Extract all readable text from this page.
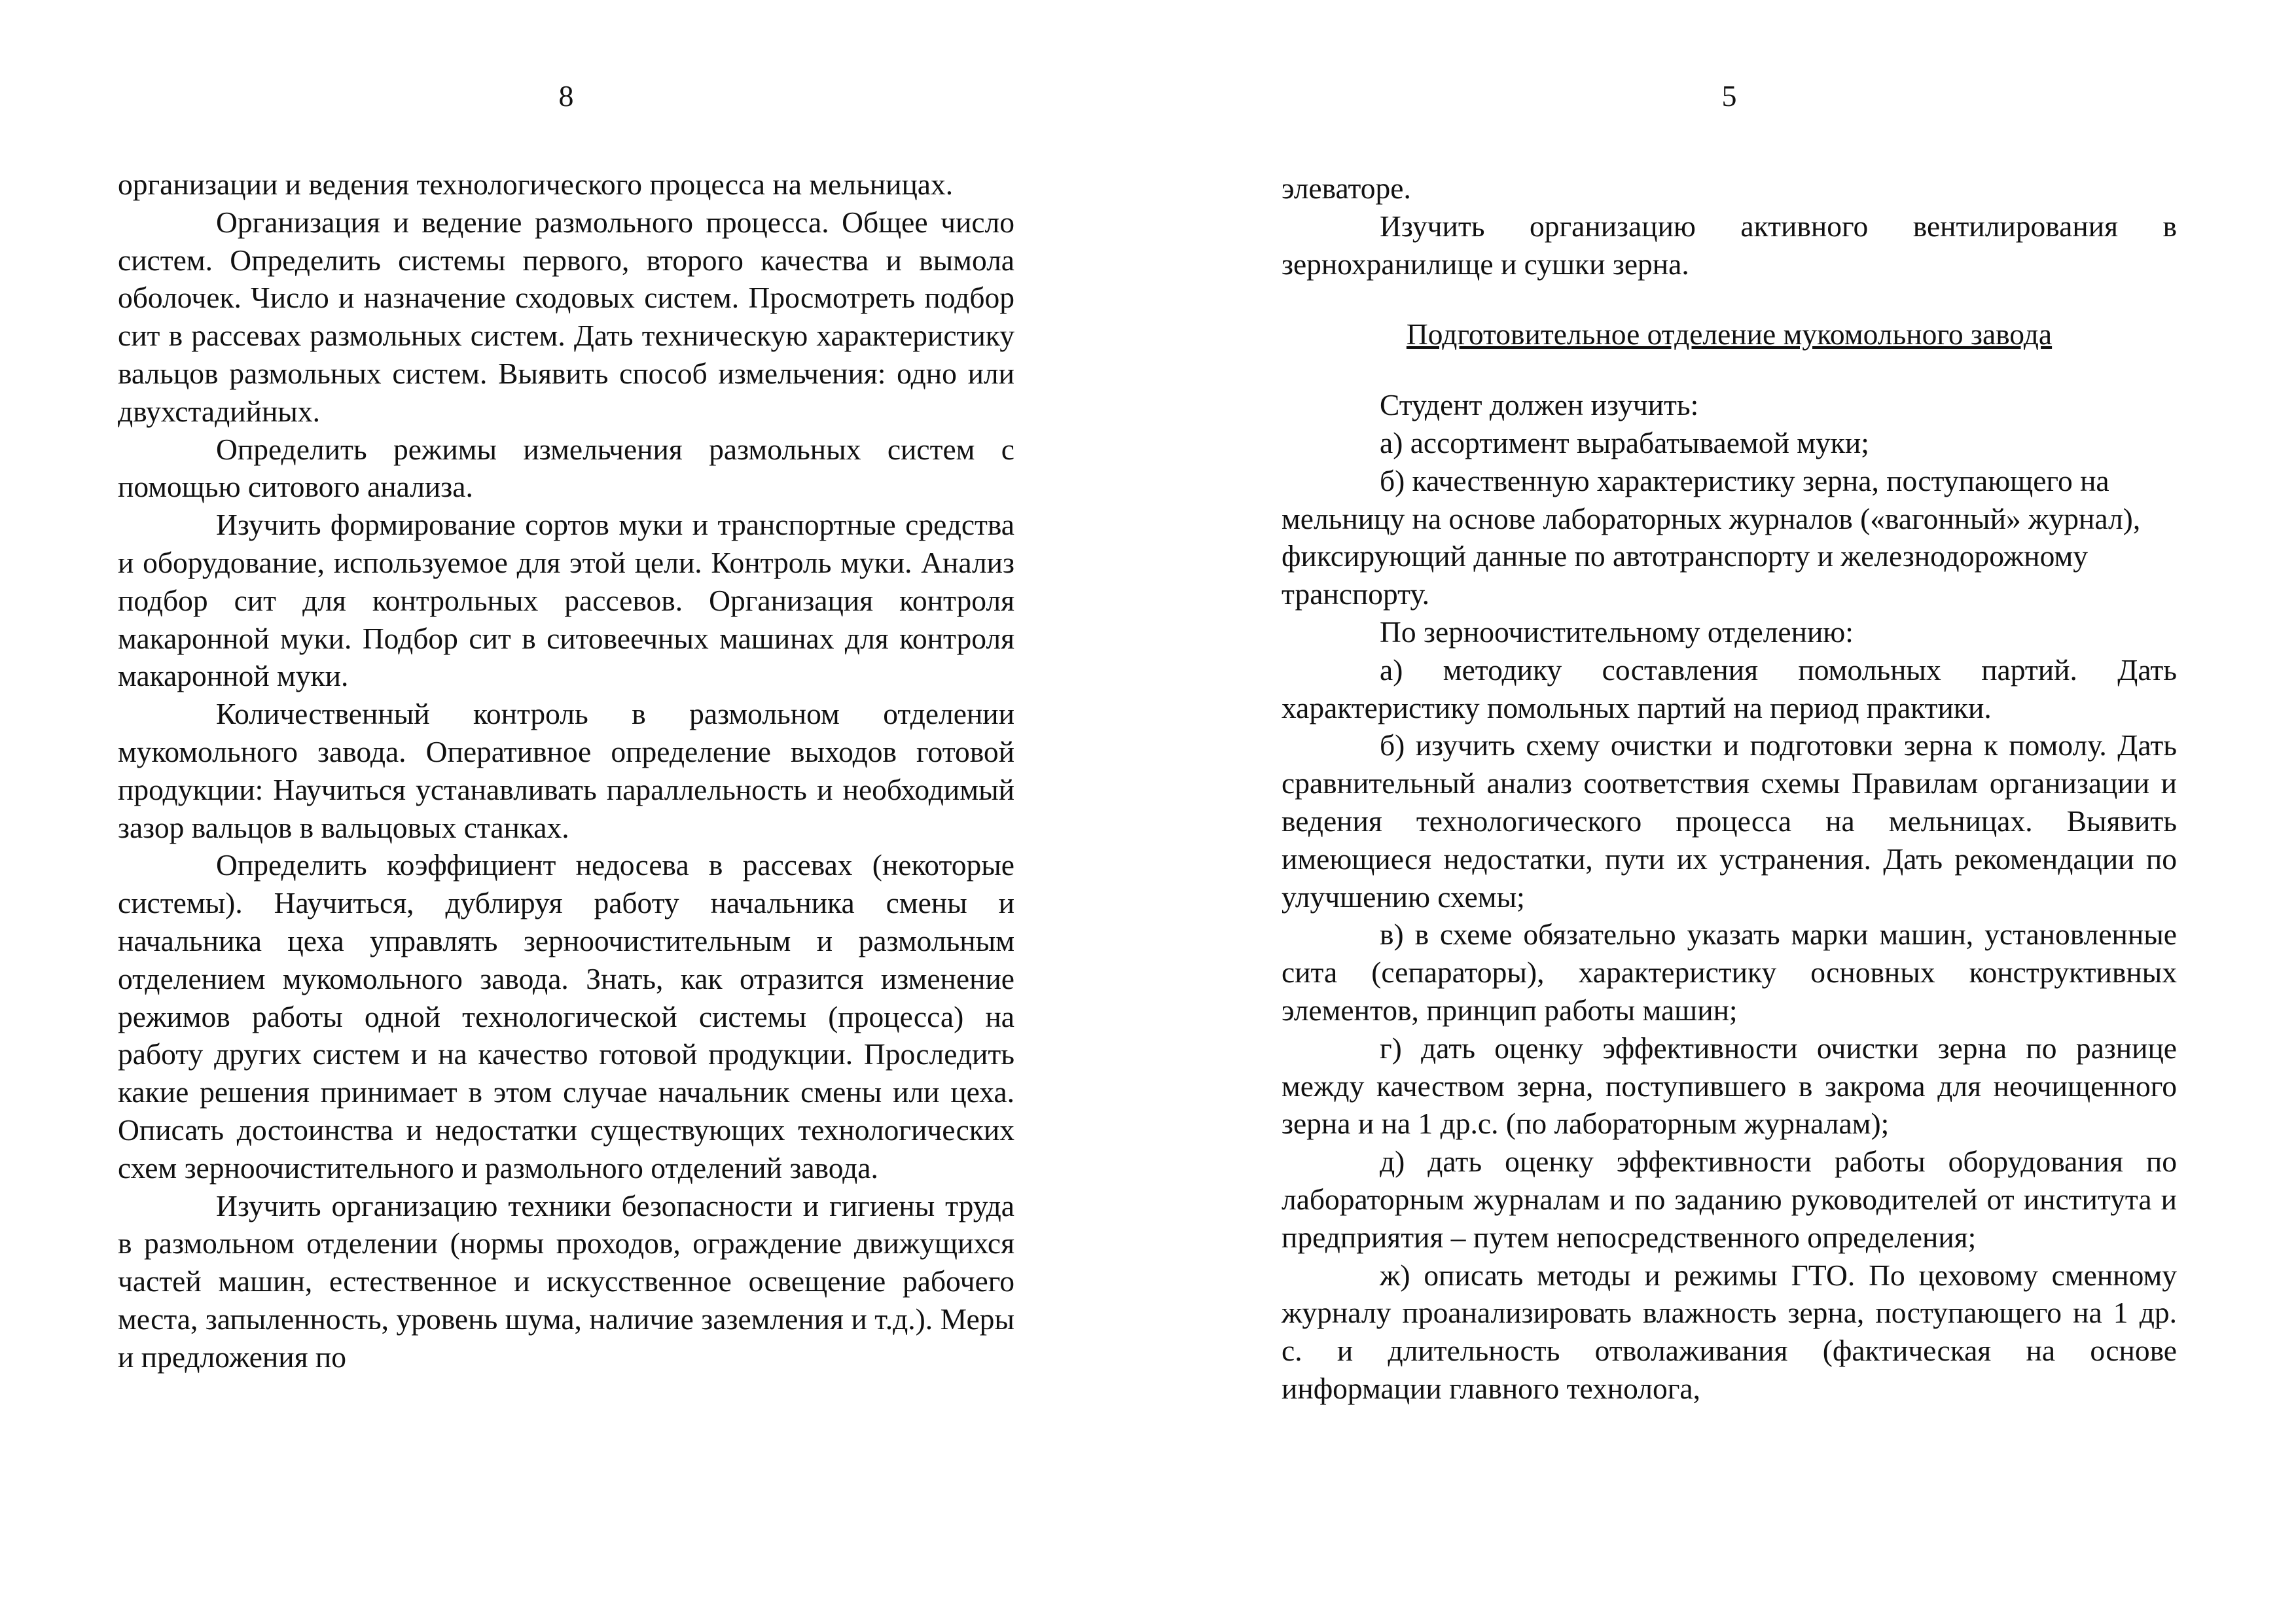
8

организации и ведения технологического процесса на мельницах.

Организация и ведение размольного процесса. Общее число систем. Определить системы первого, второго качества и вымола оболочек. Число и назначение сходовых систем. Просмотреть подбор сит в рассевах размольных систем. Дать техническую характеристику вальцов размольных систем. Выявить способ измельчения: одно или двухстадийных.

Определить режимы измельчения размольных систем с помощью ситового анализа.

Изучить формирование сортов муки и транспортные средства и оборудование, используемое для этой цели. Контроль муки. Анализ подбор сит для контрольных рассевов. Организация контроля макаронной муки. Подбор сит в ситовеечных машинах для контроля макаронной муки.

Количественный контроль в размольном отделении мукомольного завода. Оперативное определение выходов готовой продукции: Научиться устанавливать параллельность и необходимый зазор вальцов в вальцовых станках.

Определить коэффициент недосева в рассевах (некоторые системы). Научиться, дублируя работу начальника смены и начальника цеха управлять зерноочистительным и размольным отделением мукомольного завода. Знать, как отразится изменение режимов работы одной технологической системы (процесса) на работу других систем и на качество готовой продукции. Проследить какие решения принимает в этом случае начальник смены или цеха. Описать достоинства и недостатки существующих технологических схем зерноочистительного и размольного отделений завода.

Изучить организацию техники безопасности и гигиены труда в размольном отделении (нормы проходов, ограждение движущихся частей машин, естественное и искусственное освещение рабочего места, запыленность, уровень шума, наличие заземления и т.д.). Меры и предложения по

5

элеваторе.

Изучить организацию активного вентилирования в зернохранилище и сушки зерна.

Подготовительное отделение мукомольного завода

Студент должен изучить:

а) ассортимент вырабатываемой муки;

б) качественную характеристику зерна, поступающего на мельницу на основе лабораторных журналов («вагонный» журнал), фиксирующий данные по автотранспорту и железнодорожному транспорту.

По зерноочистительному отделению:

а) методику составления помольных партий. Дать характеристику помольных партий на период практики.

б) изучить схему очистки и подготовки зерна к помолу. Дать сравнительный анализ соответствия схемы Правилам организации и ведения технологического процесса на мельницах. Выявить имеющиеся недостатки, пути их устранения. Дать рекомендации по улучшению схемы;

в) в схеме обязательно указать марки машин, установленные сита (сепараторы), характеристику основных конструктивных элементов, принцип работы машин;

г) дать оценку эффективности очистки зерна по разнице между качеством зерна, поступившего в закрома для неочищенного зерна и на 1 др.с. (по лабораторным журналам);

д) дать оценку эффективности работы оборудования по лабораторным журналам и по заданию руководителей от института и предприятия – путем непосредственного определения;

ж) описать методы и режимы ГТО. По цеховому сменному журналу проанализировать влажность зерна, поступающего на 1 др. с. и длительность отволаживания (фактическая на основе информации главного технолога,
